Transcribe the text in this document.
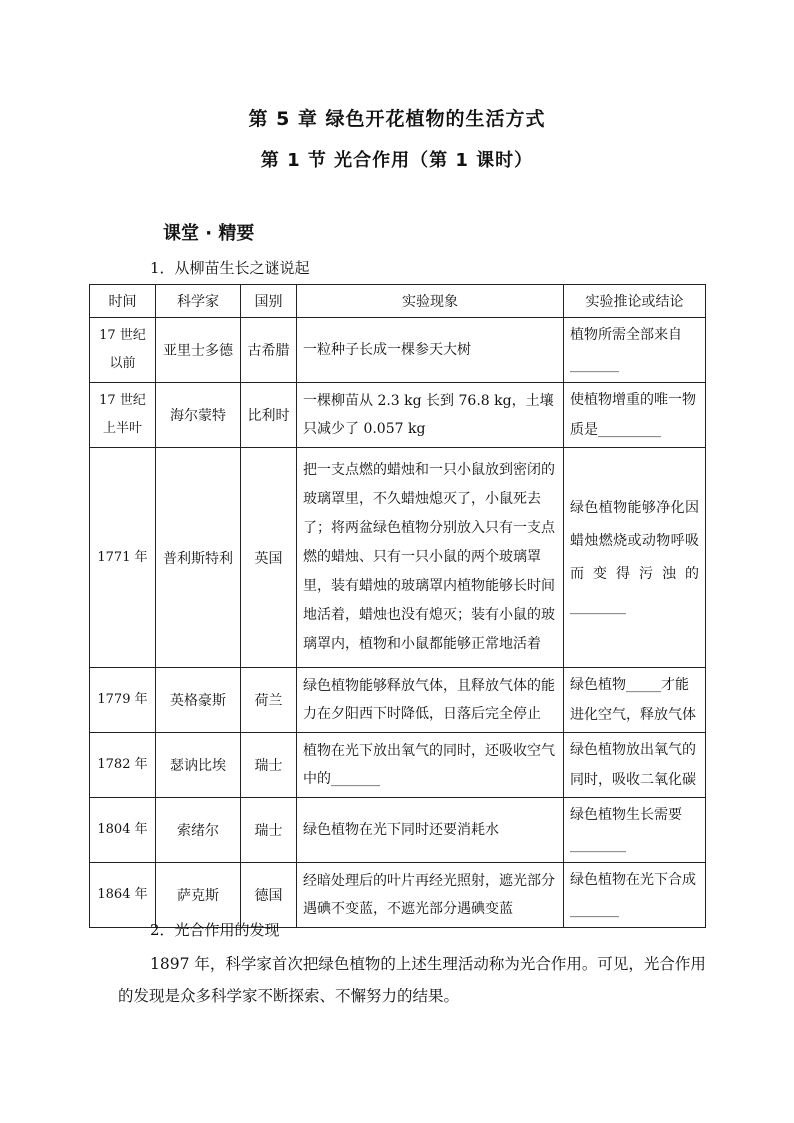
第 5 章 绿色开花植物的生活方式
第 1 节 光合作用（第 1 课时）
课堂 · 精要
1．从柳苗生长之谜说起
时间	科学家	国别	实验现象	实验推论或结论
17 世纪以前	亚里士多德	古希腊	一粒种子长成一棵参天大树	植物所需全部来自_______
17 世纪上半叶	海尔蒙特	比利时	一棵柳苗从 2.3 kg 长到 76.8 kg，土壤只减少了 0.057 kg	使植物增重的唯一物质是_________
1771 年	普利斯特利	英国	把一支点燃的蜡烛和一只小鼠放到密闭的玻璃罩里，不久蜡烛熄灭了，小鼠死去了；将两盆绿色植物分别放入只有一支点燃的蜡烛、只有一只小鼠的两个玻璃罩里，装有蜡烛的玻璃罩内植物能够长时间地活着，蜡烛也没有熄灭；装有小鼠的玻璃罩内，植物和小鼠都能够正常地活着	绿色植物能够净化因蜡烛燃烧或动物呼吸而变得污浊的________
1779 年	英格豪斯	荷兰	绿色植物能够释放气体，且释放气体的能力在夕阳西下时降低，日落后完全停止	绿色植物_____才能进化空气，释放气体
1782 年	瑟讷比埃	瑞士	植物在光下放出氧气的同时，还吸收空气中的_______	绿色植物放出氧气的同时，吸收二氧化碳
1804 年	索绪尔	瑞士	绿色植物在光下同时还要消耗水	绿色植物生长需要________
1864 年	萨克斯	德国	经暗处理后的叶片再经光照射，遮光部分遇碘不变蓝，不遮光部分遇碘变蓝	绿色植物在光下合成_______
2．光合作用的发现
1897 年，科学家首次把绿色植物的上述生理活动称为光合作用。可见，光合作用的发现是众多科学家不断探索、不懈努力的结果。
